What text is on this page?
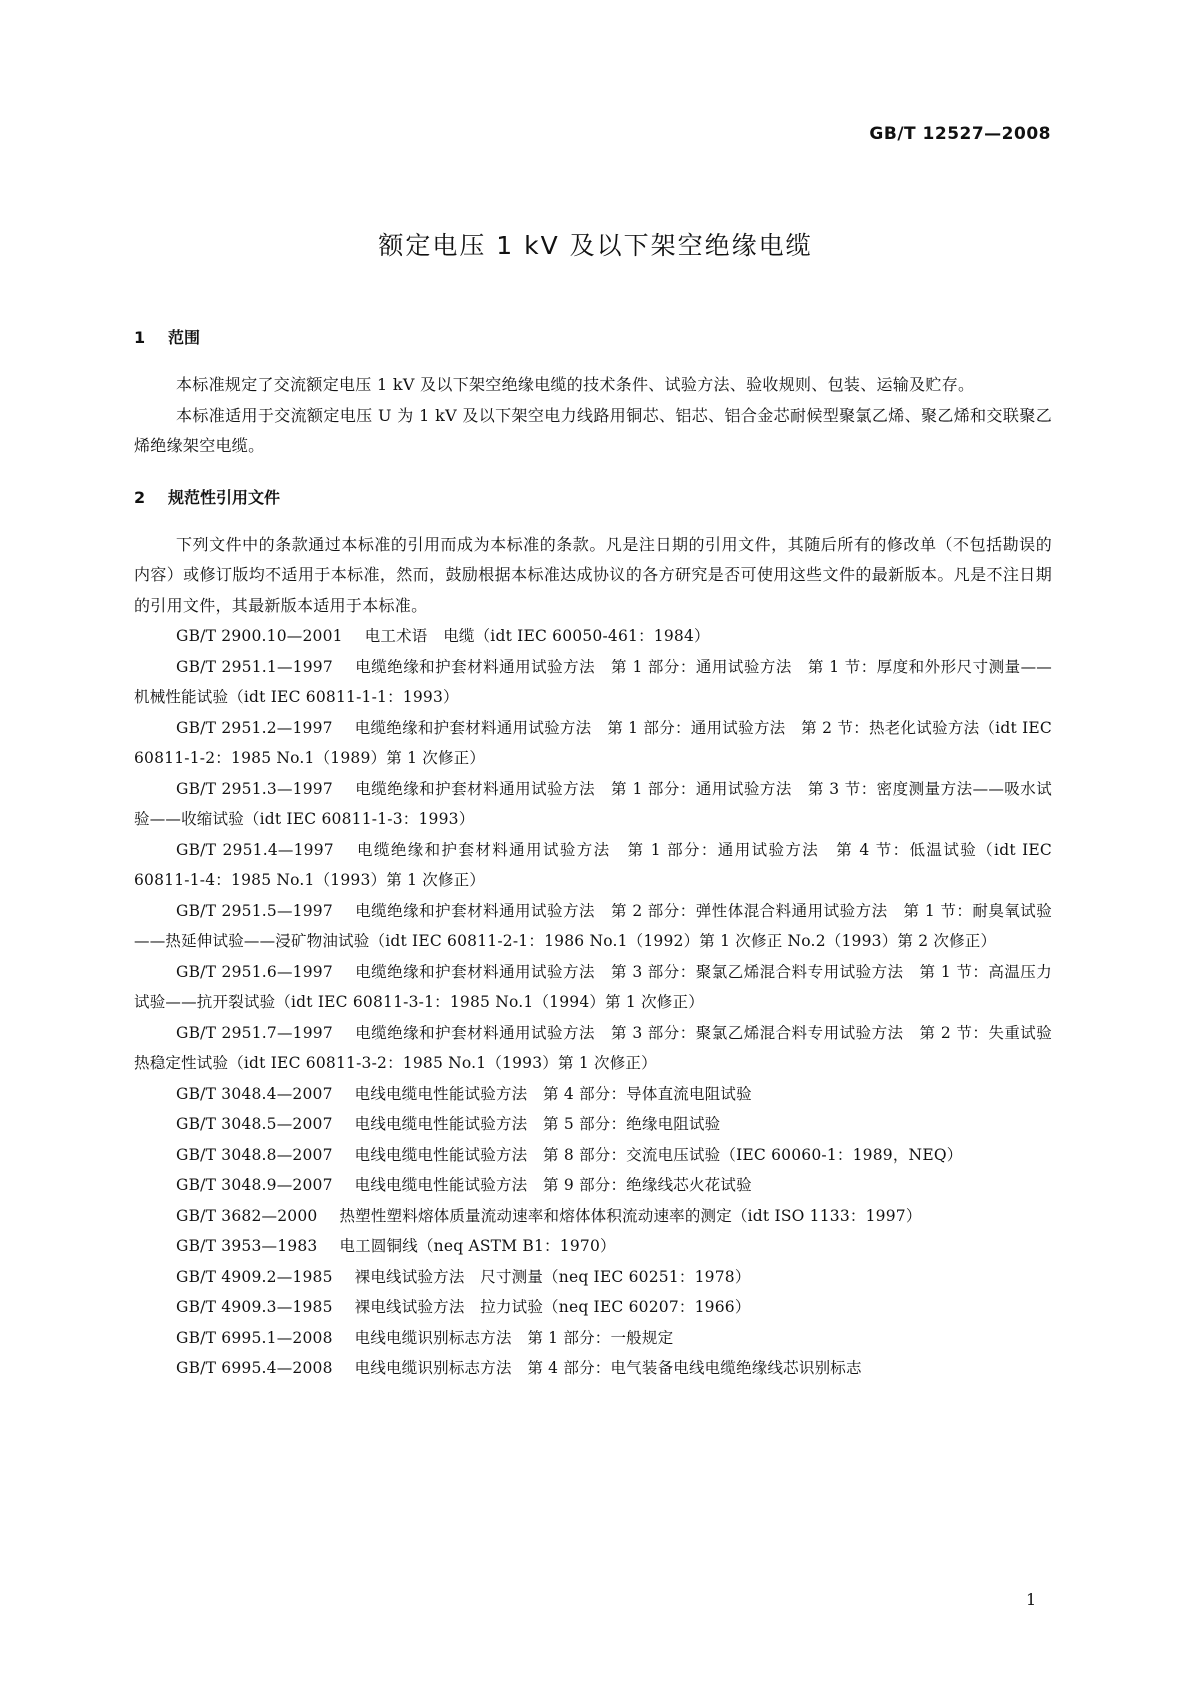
GB/T 12527—2008
额定电压 1 kV 及以下架空绝缘电缆
1 范围

本标准规定了交流额定电压 1 kV 及以下架空绝缘电缆的技术条件、试验方法、验收规则、包装、运输及贮存。

本标准适用于交流额定电压 U 为 1 kV 及以下架空电力线路用铜芯、铝芯、铝合金芯耐候型聚氯乙烯、聚乙烯和交联聚乙烯绝缘架空电缆。

2 规范性引用文件

下列文件中的条款通过本标准的引用而成为本标准的条款。凡是注日期的引用文件，其随后所有的修改单（不包括勘误的内容）或修订版均不适用于本标准，然而，鼓励根据本标准达成协议的各方研究是否可使用这些文件的最新版本。凡是不注日期的引用文件，其最新版本适用于本标准。

GB/T 2900.10—2001 电工术语　电缆（idt IEC 60050-461：1984）

GB/T 2951.1—1997 电缆绝缘和护套材料通用试验方法　第 1 部分：通用试验方法　第 1 节：厚度和外形尺寸测量——机械性能试验（idt IEC 60811-1-1：1993）

GB/T 2951.2—1997 电缆绝缘和护套材料通用试验方法　第 1 部分：通用试验方法　第 2 节：热老化试验方法（idt IEC 60811-1-2：1985 No.1（1989）第 1 次修正）

GB/T 2951.3—1997 电缆绝缘和护套材料通用试验方法　第 1 部分：通用试验方法　第 3 节：密度测量方法——吸水试验——收缩试验（idt IEC 60811-1-3：1993）

GB/T 2951.4—1997 电缆绝缘和护套材料通用试验方法　第 1 部分：通用试验方法　第 4 节：低温试验（idt IEC 60811-1-4：1985 No.1（1993）第 1 次修正）

GB/T 2951.5—1997 电缆绝缘和护套材料通用试验方法　第 2 部分：弹性体混合料通用试验方法　第 1 节：耐臭氧试验——热延伸试验——浸矿物油试验（idt IEC 60811-2-1：1986 No.1（1992）第 1 次修正 No.2（1993）第 2 次修正）

GB/T 2951.6—1997 电缆绝缘和护套材料通用试验方法　第 3 部分：聚氯乙烯混合料专用试验方法　第 1 节：高温压力试验——抗开裂试验（idt IEC 60811-3-1：1985 No.1（1994）第 1 次修正）

GB/T 2951.7—1997 电缆绝缘和护套材料通用试验方法　第 3 部分：聚氯乙烯混合料专用试验方法　第 2 节：失重试验　热稳定性试验（idt IEC 60811-3-2：1985 No.1（1993）第 1 次修正）

GB/T 3048.4—2007 电线电缆电性能试验方法　第 4 部分：导体直流电阻试验

GB/T 3048.5—2007 电线电缆电性能试验方法　第 5 部分：绝缘电阻试验

GB/T 3048.8—2007 电线电缆电性能试验方法　第 8 部分：交流电压试验（IEC 60060-1：1989，NEQ）

GB/T 3048.9—2007 电线电缆电性能试验方法　第 9 部分：绝缘线芯火花试验

GB/T 3682—2000 热塑性塑料熔体质量流动速率和熔体体积流动速率的测定（idt ISO 1133：1997）

GB/T 3953—1983 电工圆铜线（neq ASTM B1：1970）

GB/T 4909.2—1985 裸电线试验方法　尺寸测量（neq IEC 60251：1978）

GB/T 4909.3—1985 裸电线试验方法　拉力试验（neq IEC 60207：1966）

GB/T 6995.1—2008 电线电缆识别标志方法　第 1 部分：一般规定

GB/T 6995.4—2008 电线电缆识别标志方法　第 4 部分：电气装备电线电缆绝缘线芯识别标志

1
